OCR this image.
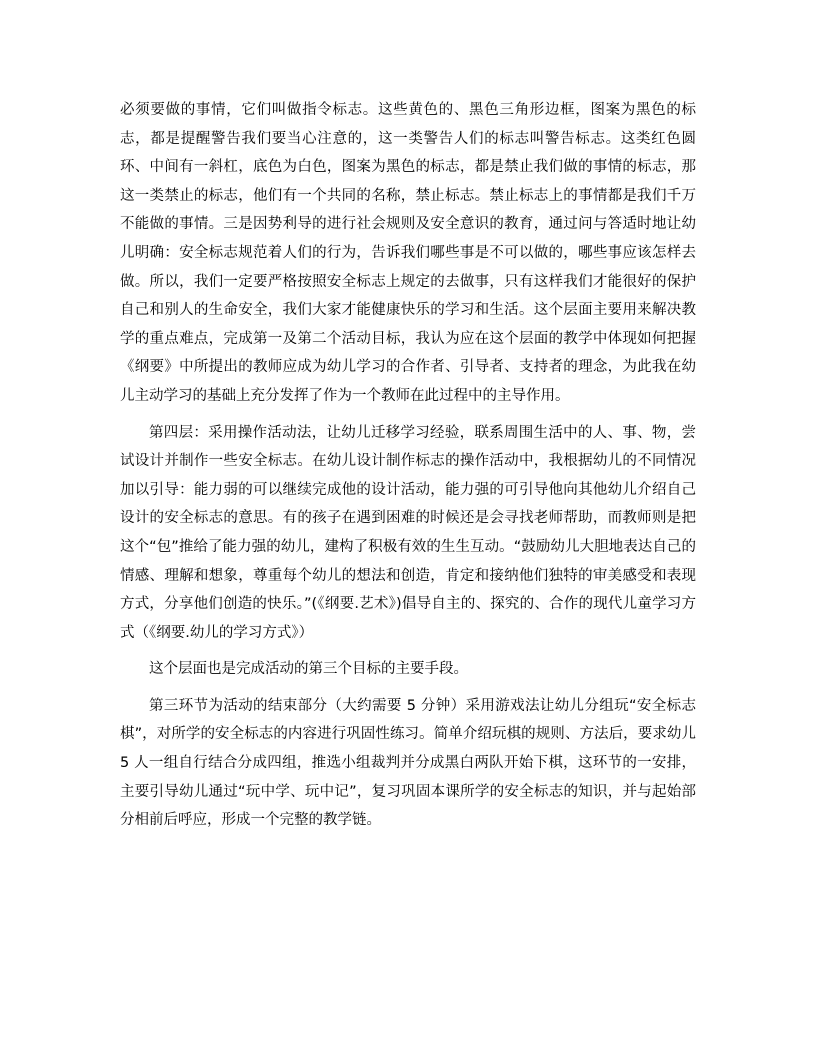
必须要做的事情，它们叫做指令标志。这些黄色的、黑色三角形边框，图案为黑色的标志，都是提醒警告我们要当心注意的，这一类警告人们的标志叫警告标志。这类红色圆环、中间有一斜杠，底色为白色，图案为黑色的标志，都是禁止我们做的事情的标志，那这一类禁止的标志，他们有一个共同的名称，禁止标志。禁止标志上的事情都是我们千万不能做的事情。三是因势利导的进行社会规则及安全意识的教育，通过问与答适时地让幼儿明确：安全标志规范着人们的行为，告诉我们哪些事是不可以做的，哪些事应该怎样去做。所以，我们一定要严格按照安全标志上规定的去做事，只有这样我们才能很好的保护自己和别人的生命安全，我们大家才能健康快乐的学习和生活。这个层面主要用来解决教学的重点难点，完成第一及第二个活动目标，我认为应在这个层面的教学中体现如何把握《纲要》中所提出的教师应成为幼儿学习的合作者、引导者、支持者的理念，为此我在幼儿主动学习的基础上充分发挥了作为一个教师在此过程中的主导作用。

第四层：采用操作活动法，让幼儿迁移学习经验，联系周围生活中的人、事、物，尝试设计并制作一些安全标志。在幼儿设计制作标志的操作活动中，我根据幼儿的不同情况加以引导：能力弱的可以继续完成他的设计活动，能力强的可引导他向其他幼儿介绍自己设计的安全标志的意思。有的孩子在遇到困难的时候还是会寻找老师帮助，而教师则是把这个“包”推给了能力强的幼儿，建构了积极有效的生生互动。“鼓励幼儿大胆地表达自己的情感、理解和想象，尊重每个幼儿的想法和创造，肯定和接纳他们独特的审美感受和表现方式，分享他们创造的快乐。”(《纲要.艺术》)倡导自主的、探究的、合作的现代儿童学习方式（《纲要.幼儿的学习方式》）

这个层面也是完成活动的第三个目标的主要手段。

第三环节为活动的结束部分（大约需要 5 分钟）采用游戏法让幼儿分组玩“安全标志棋”，对所学的安全标志的内容进行巩固性练习。简单介绍玩棋的规则、方法后，要求幼儿 5 人一组自行结合分成四组，推选小组裁判并分成黑白两队开始下棋，这环节的一安排，主要引导幼儿通过“玩中学、玩中记”，复习巩固本课所学的安全标志的知识，并与起始部分相前后呼应，形成一个完整的教学链。
